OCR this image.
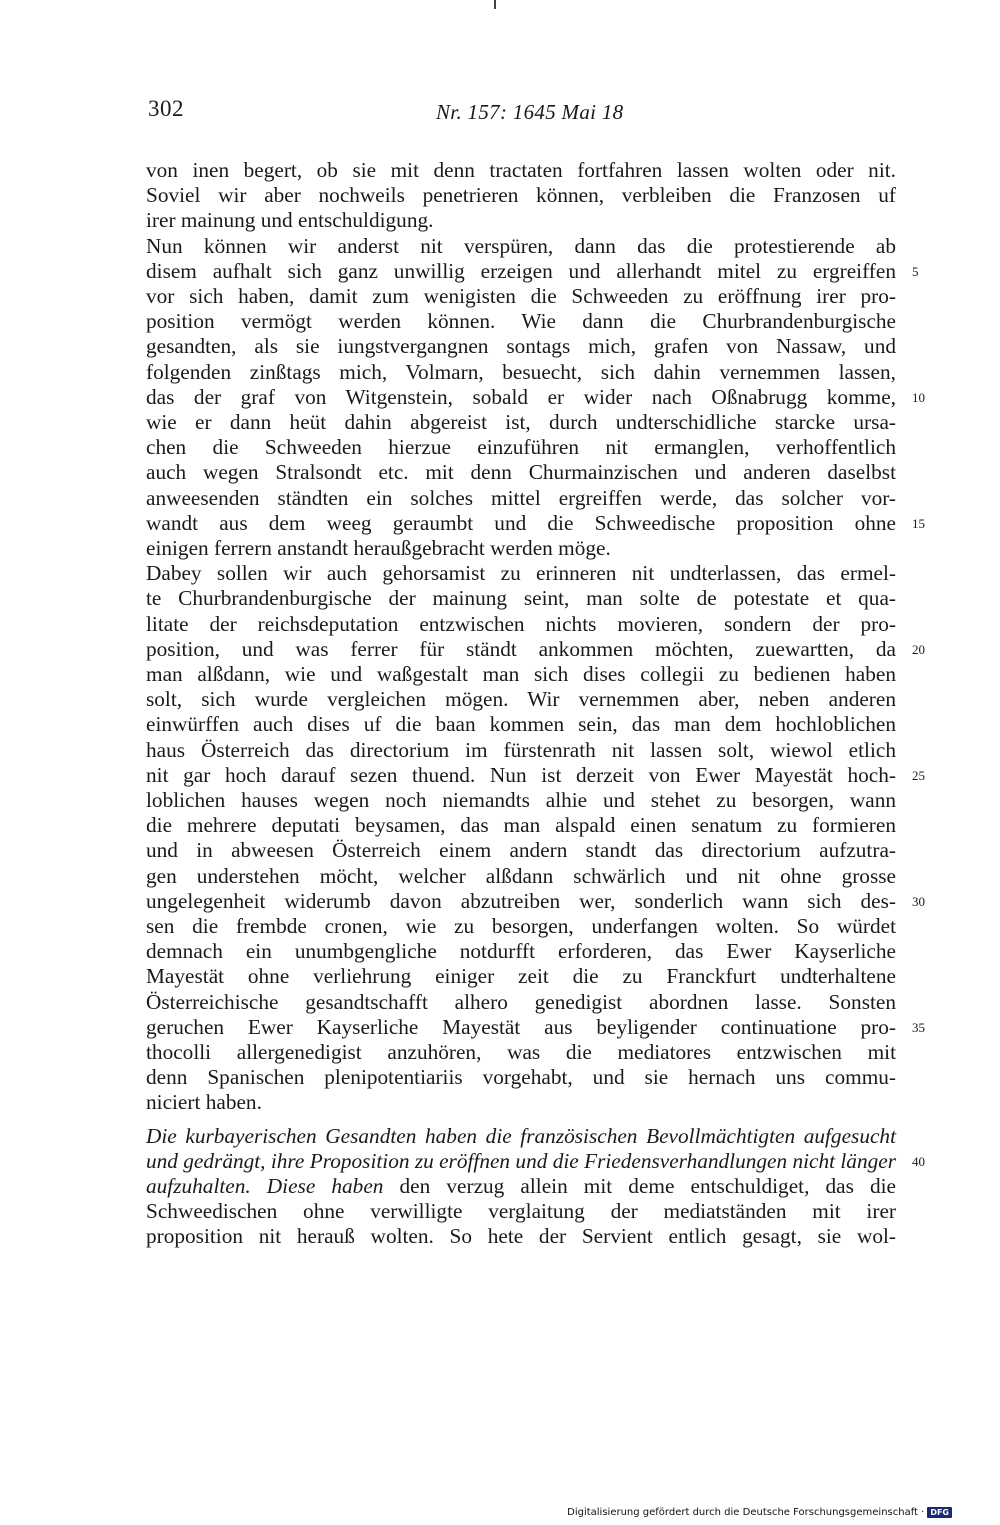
302	Nr. 157: 1645 Mai 18
von inen begert, ob sie mit denn tractaten fortfahren lassen wolten oder nit.
Soviel wir aber nochweils penetrieren können, verbleiben die Franzosen uf
irer mainung und entschuldigung.
Nun können wir anderst nit verspüren, dann das die protestierende ab
disem aufhalt sich ganz unwillig erzeigen und allerhandt mitel zu ergreiffen
vor sich haben, damit zum wenigisten die Schweeden zu eröffnung irer pro-
position vermögt werden können. Wie dann die Churbrandenburgische
gesandten, als sie iungstvergangnen sontags mich, grafen von Nassaw, und
folgenden zinßtags mich, Volmarn, besuecht, sich dahin vernemmen lassen,
das der graf von Witgenstein, sobald er wider nach Oßnabrugg komme,
wie er dann heüt dahin abgereist ist, durch undterschidliche starcke ursa-
chen die Schweeden hierzue einzuführen nit ermanglen, verhoffentlich
auch wegen Stralsondt etc. mit denn Churmainzischen und anderen daselbst
anweesenden ständten ein solches mittel ergreiffen werde, das solcher vor-
wandt aus dem weeg geraumbt und die Schweedische proposition ohne
einigen ferrern anstandt heraußgebracht werden möge.
Dabey sollen wir auch gehorsamist zu erinneren nit undterlassen, das ermel-
te Churbrandenburgische der mainung seint, man solte de potestate et qua-
litate der reichsdeputation entzwischen nichts movieren, sondern der pro-
position, und was ferrer für ständt ankommen möchten, zuewartten, da
man alßdann, wie und waßgestalt man sich dises collegii zu bedienen haben
solt, sich wurde vergleichen mögen. Wir vernemmen aber, neben anderen
einwürffen auch dises uf die baan kommen sein, das man dem hochloblichen
haus Österreich das directorium im fürstenrath nit lassen solt, wiewol etlich
nit gar hoch darauf sezen thuend. Nun ist derzeit von Ewer Mayestät hoch-
loblichen hauses wegen noch niemandts alhie und stehet zu besorgen, wann
die mehrere deputati beysamen, das man alspald einen senatum zu formieren
und in abweesen Österreich einem andern standt das directorium aufzutra-
gen understehen möcht, welcher alßdann schwärlich und nit ohne grosse
ungelegenheit widerumb davon abzutreiben wer, sonderlich wann sich des-
sen die frembde cronen, wie zu besorgen, underfangen wolten. So würdet
demnach ein unumbgengliche notdurfft erforderen, das Ewer Kayserliche
Mayestät ohne verliehrung einiger zeit die zu Franckfurt undterhaltene
Österreichische gesandtschafft alhero genedigist abordnen lasse. Sonsten
geruchen Ewer Kayserliche Mayestät aus beyligender continuatione pro-
thocolli allergenedigist anzuhören, was die mediatores entzwischen mit
denn Spanischen plenipotentiariis vorgehabt, und sie hernach uns commu-
niciert haben.
Die kurbayerischen Gesandten haben die französischen Bevollmächtigten aufgesucht
und gedrängt, ihre Proposition zu eröffnen und die Friedensverhandlungen nicht länger
aufzuhalten. Diese haben den verzug allein mit deme entschuldiget, das die
Schweedischen ohne verwilligte verglaitung der mediatständen mit irer
proposition nit herauß wolten. So hete der Servient entlich gesagt, sie wol-
5
10
15
20
25
30
35
40
Digitalisierung gefördert durch die Deutsche Forschungsgemeinschaft · DFG
